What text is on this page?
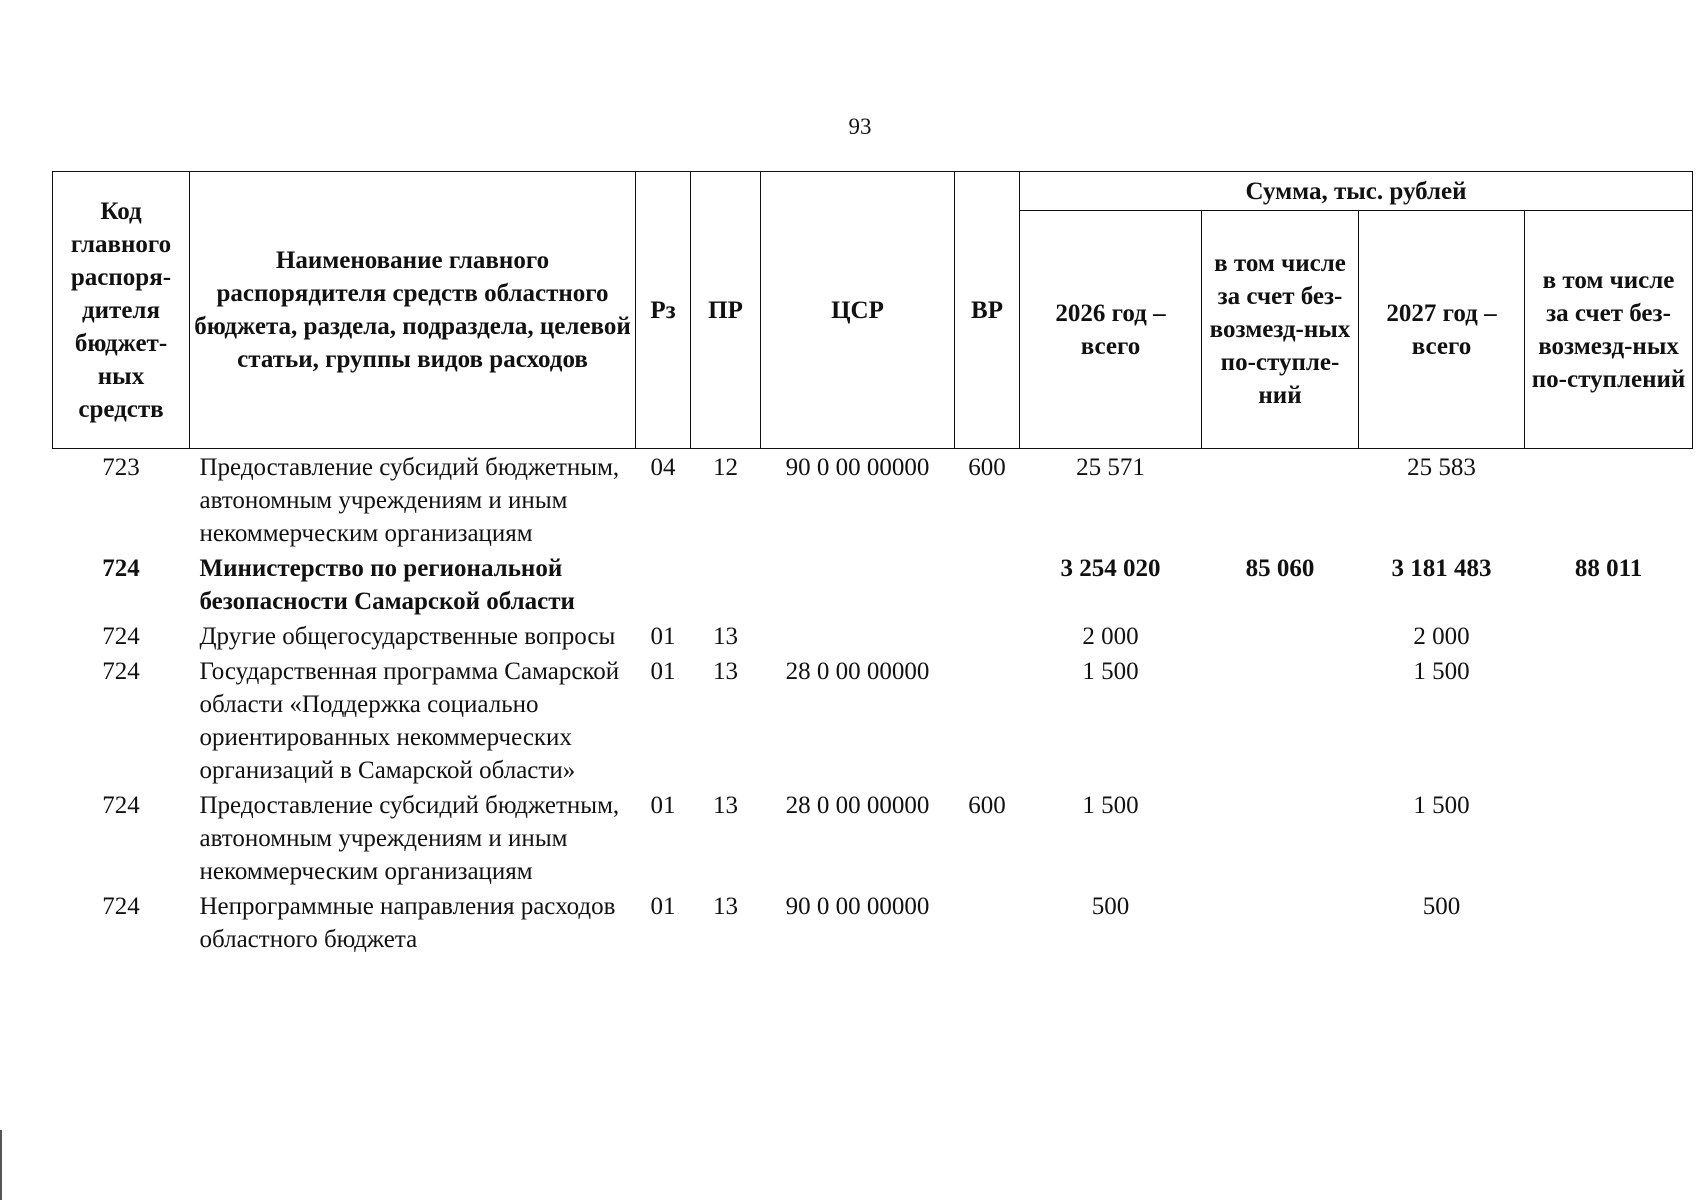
93
Код главного распоря-дителя бюджет-ных средств	Наименование главного распорядителя средств областного бюджета, раздела, подраздела, целевой статьи, группы видов расходов	Рз	ПР	ЦСР	ВР	Сумма, тыс. рублей			
						2026 год – всего	в том числе за счет без-возмезд-ных по-ступле-ний	2027 год – всего	в том числе за счет без-возмезд-ных по-ступлений
723	Предоставление субсидий бюджетным, автономным учреждениям и иным некоммерческим организациям	04	12	90 0 00 00000	600	25 571		25 583	
724	Министерство по региональной безопасности Самарской области					3 254 020	85 060	3 181 483	88 011
724	Другие общегосударственные вопросы	01	13			2 000		2 000	
724	Государственная программа Самарской области «Поддержка социально ориентированных некоммерческих организаций в Самарской области»	01	13	28 0 00 00000		1 500		1 500	
724	Предоставление субсидий бюджетным, автономным учреждениям и иным некоммерческим организациям	01	13	28 0 00 00000	600	1 500		1 500	
724	Непрограммные направления расходов областного бюджета	01	13	90 0 00 00000		500		500	
